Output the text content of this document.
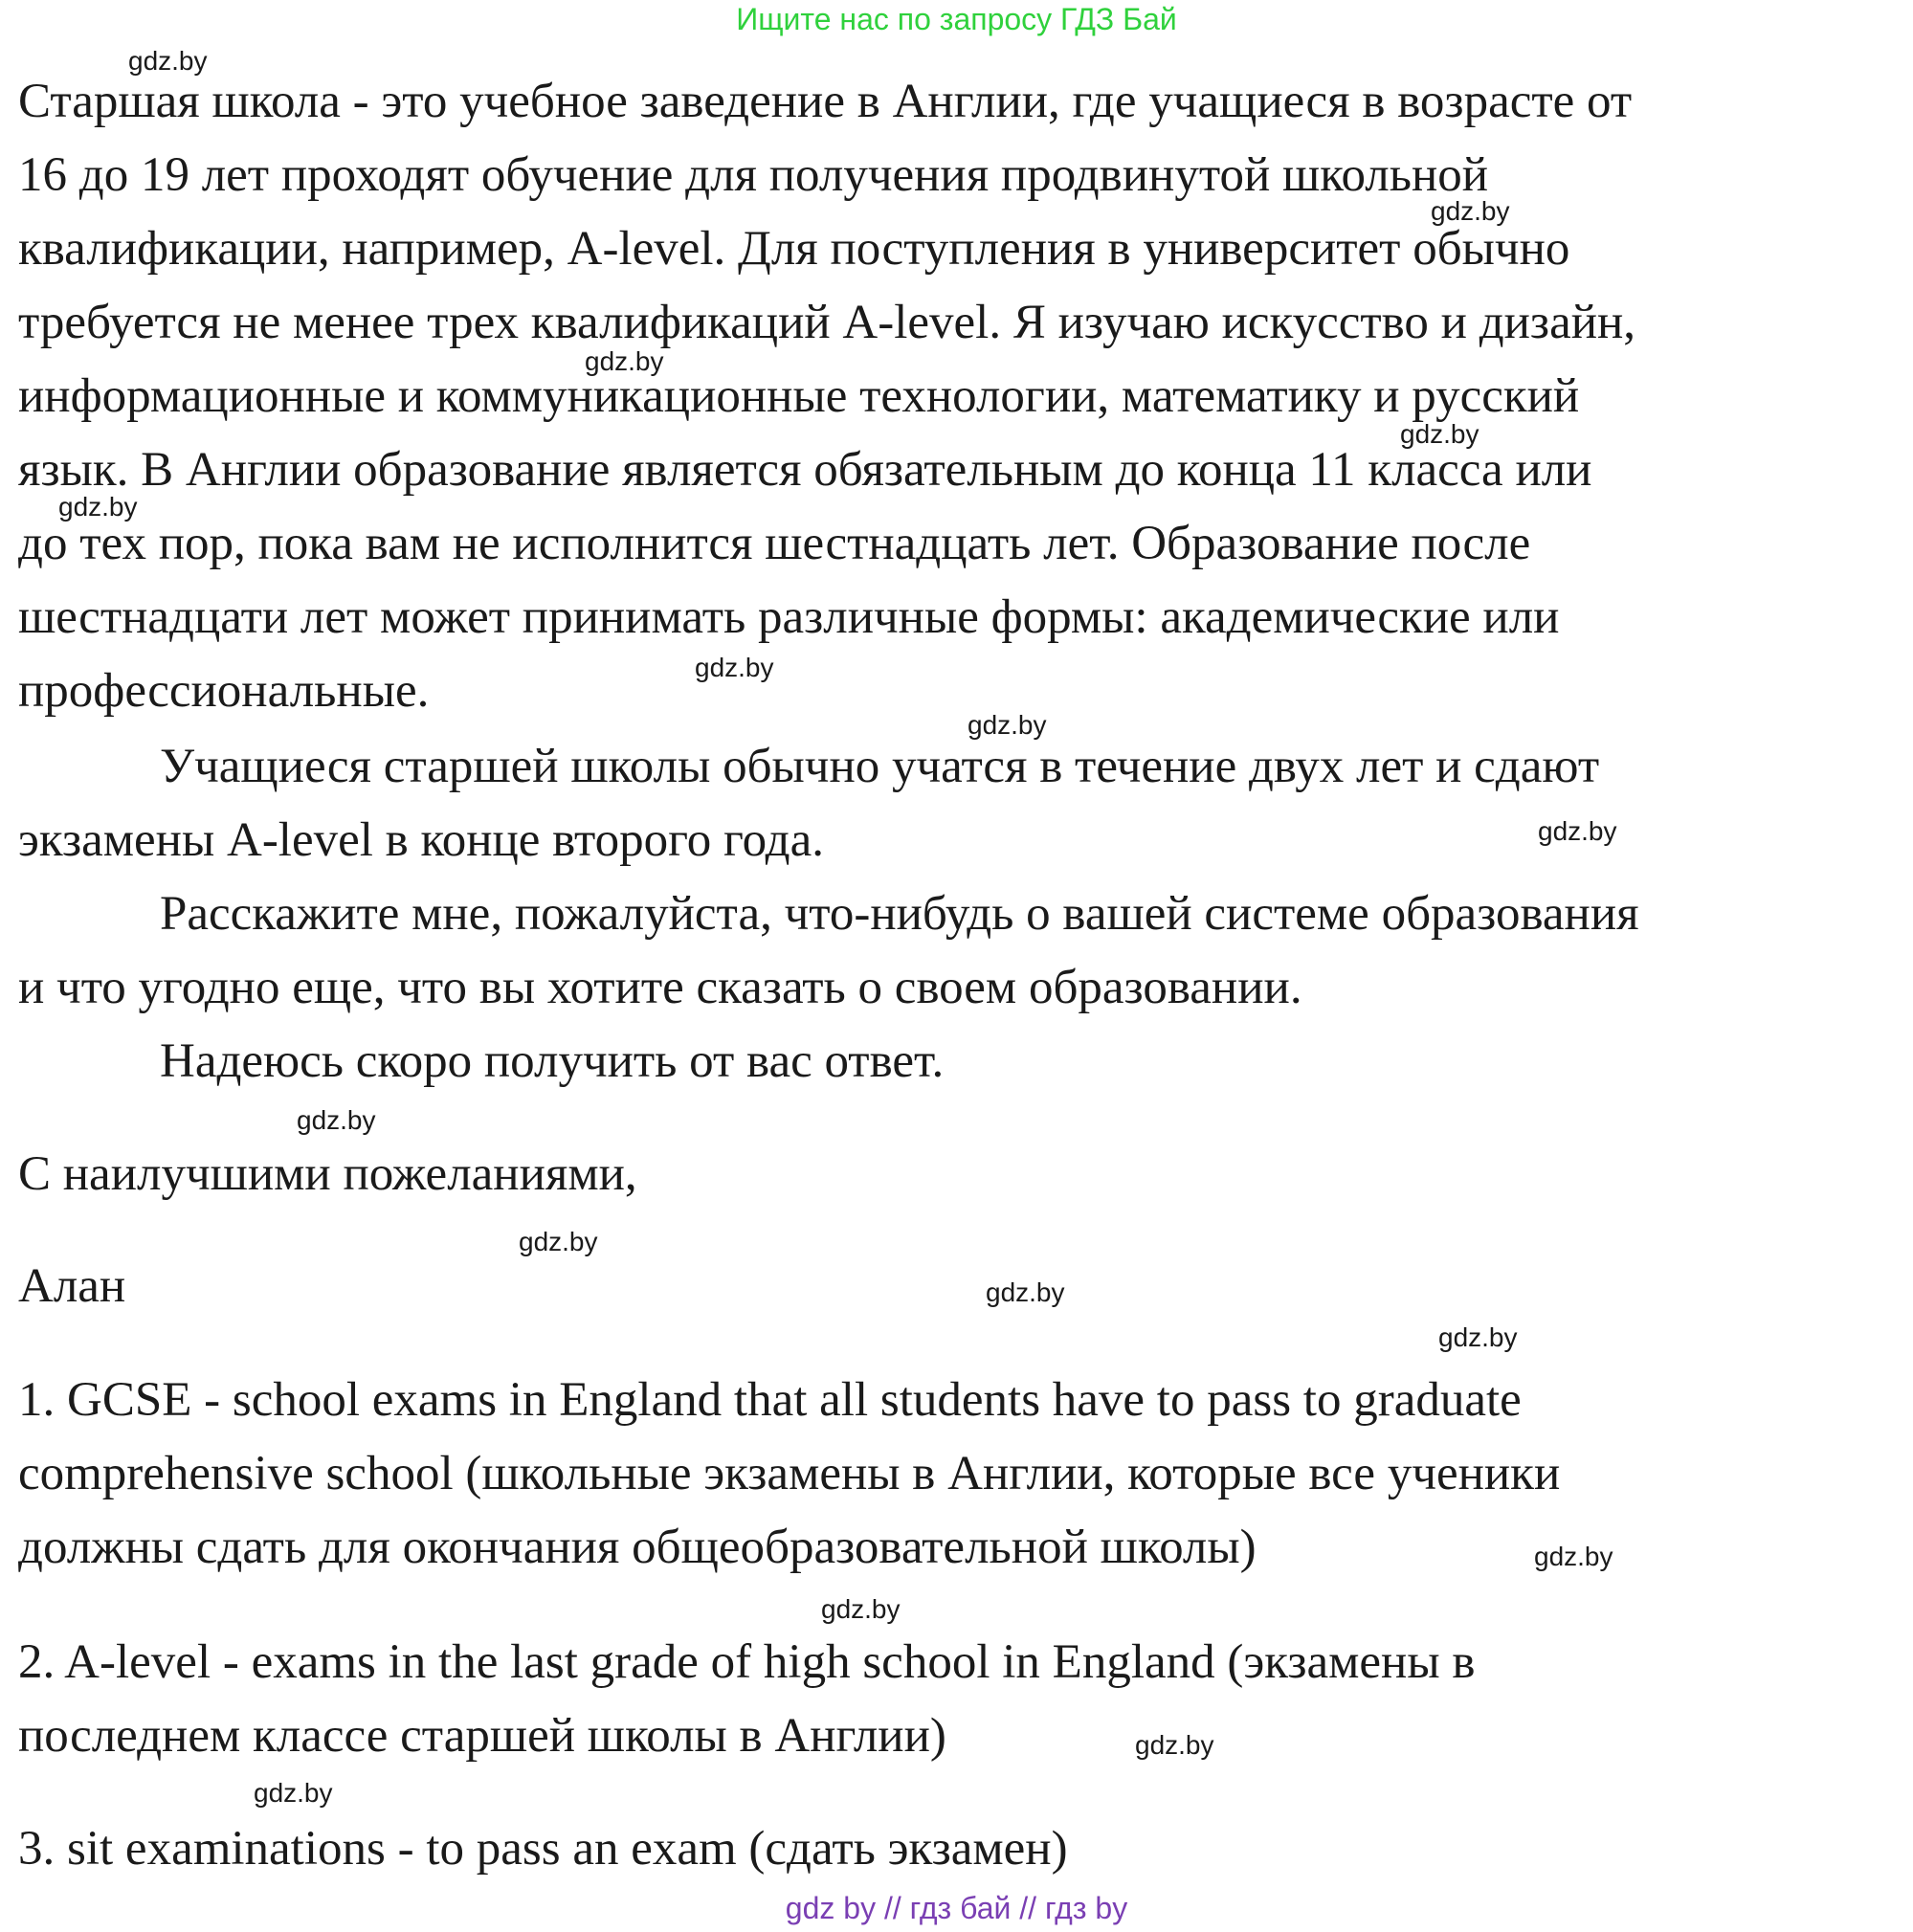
Ищите нас по запросу ГДЗ Бай
Старшая школа - это учебное заведение в Англии, где учащиеся в возрасте от
16 до 19 лет проходят обучение для получения продвинутой школьной
квалификации, например, A-level. Для поступления в университет обычно
требуется не менее трех квалификаций A-level. Я изучаю искусство и дизайн,
информационные и коммуникационные технологии, математику и русский
язык. В Англии образование является обязательным до конца 11 класса или
до тех пор, пока вам не исполнится шестнадцать лет. Образование после
шестнадцати лет может принимать различные формы: академические или
профессиональные.
Учащиеся старшей школы обычно учатся в течение двух лет и сдают
экзамены A-level в конце второго года.
Расскажите мне, пожалуйста, что-нибудь о вашей системе образования
и что угодно еще, что вы хотите сказать о своем образовании.
Надеюсь скоро получить от вас ответ.
С наилучшими пожеланиями,
Алан
1. GCSE - school exams in England that all students have to pass to graduate
comprehensive school (школьные экзамены в Англии, которые все ученики
должны сдать для окончания общеобразовательной школы)
2. A-level - exams in the last grade of high school in England (экзамены в
последнем классе старшей школы в Англии)
3. sit examinations - to pass an exam (сдать экзамен)
gdz.by
gdz.by
gdz.by
gdz.by
gdz.by
gdz.by
gdz.by
gdz.by
gdz.by
gdz.by
gdz.by
gdz.by
gdz.by
gdz.by
gdz.by
gdz.by
gdz by // гдз бай // гдз by
